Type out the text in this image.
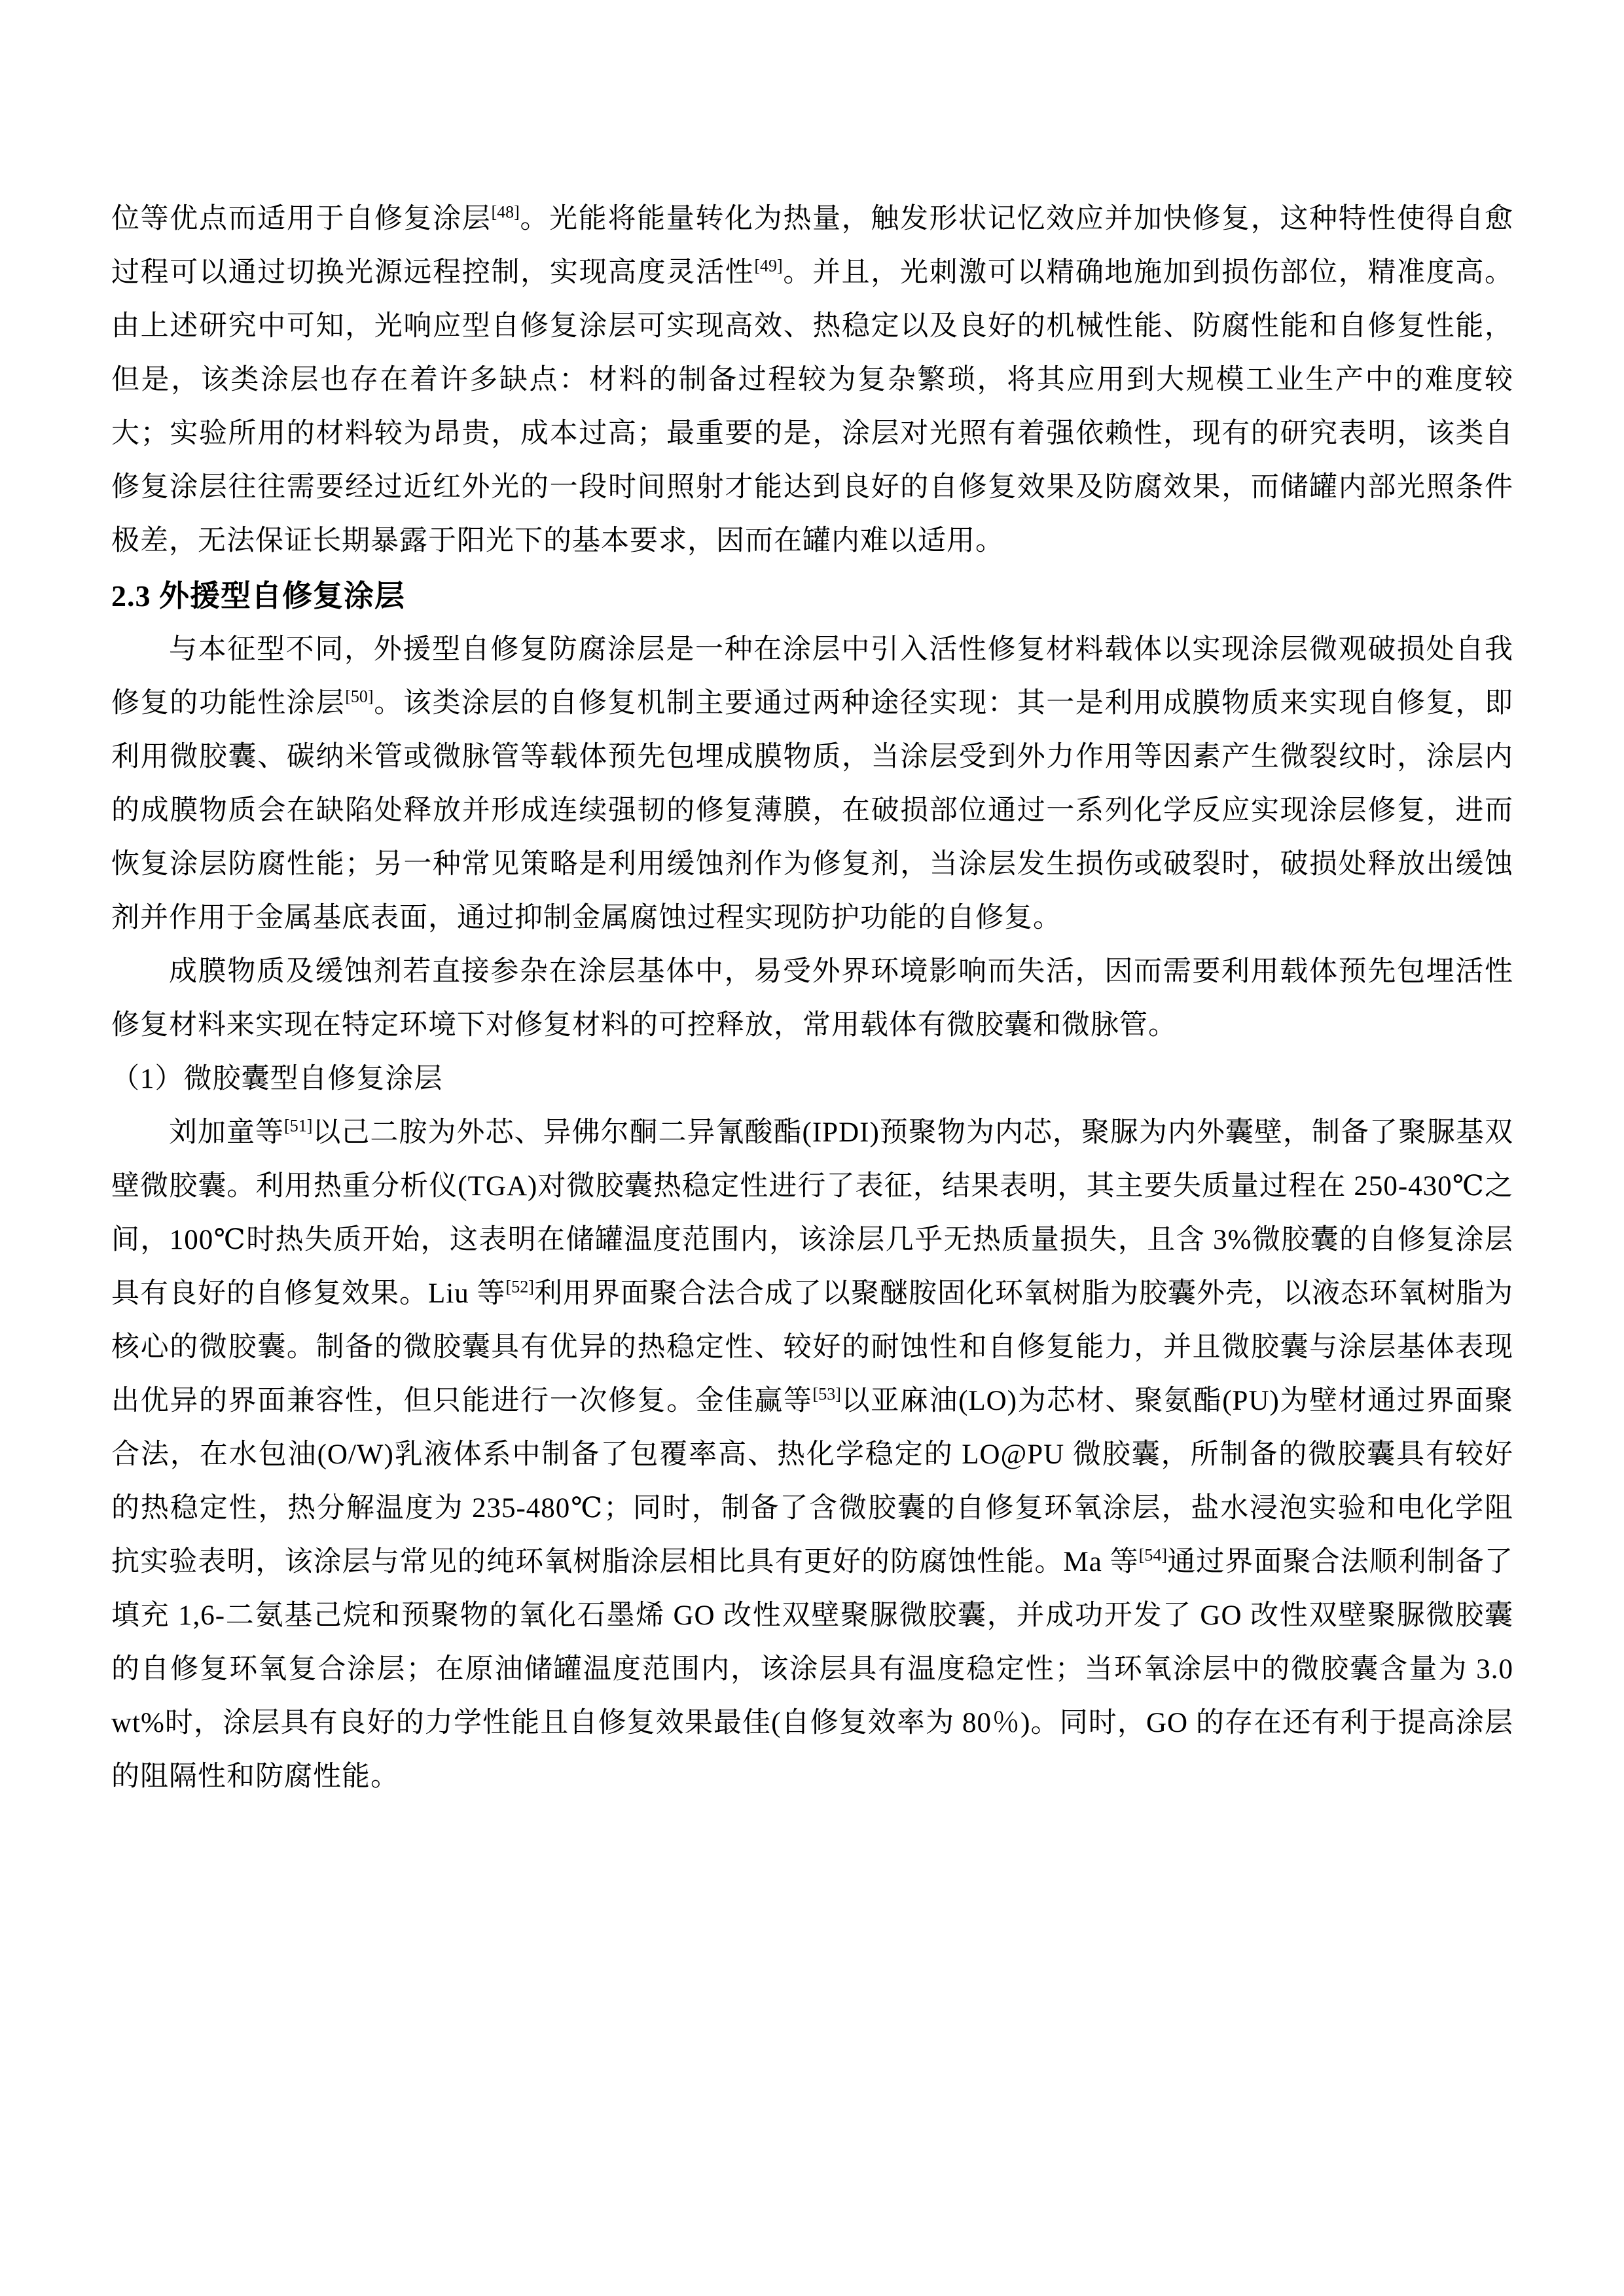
位等优点而适用于自修复涂层[48]。光能将能量转化为热量，触发形状记忆效应并加快修复，这种特性使得自愈过程可以通过切换光源远程控制，实现高度灵活性[49]。并且，光刺激可以精确地施加到损伤部位，精准度高。由上述研究中可知，光响应型自修复涂层可实现高效、热稳定以及良好的机械性能、防腐性能和自修复性能，但是，该类涂层也存在着许多缺点：材料的制备过程较为复杂繁琐，将其应用到大规模工业生产中的难度较大；实验所用的材料较为昂贵，成本过高；最重要的是，涂层对光照有着强依赖性，现有的研究表明，该类自修复涂层往往需要经过近红外光的一段时间照射才能达到良好的自修复效果及防腐效果，而储罐内部光照条件极差，无法保证长期暴露于阳光下的基本要求，因而在罐内难以适用。

2.3 外援型自修复涂层

与本征型不同，外援型自修复防腐涂层是一种在涂层中引入活性修复材料载体以实现涂层微观破损处自我修复的功能性涂层[50]。该类涂层的自修复机制主要通过两种途径实现：其一是利用成膜物质来实现自修复，即利用微胶囊、碳纳米管或微脉管等载体预先包埋成膜物质，当涂层受到外力作用等因素产生微裂纹时，涂层内的成膜物质会在缺陷处释放并形成连续强韧的修复薄膜，在破损部位通过一系列化学反应实现涂层修复，进而恢复涂层防腐性能；另一种常见策略是利用缓蚀剂作为修复剂，当涂层发生损伤或破裂时，破损处释放出缓蚀剂并作用于金属基底表面，通过抑制金属腐蚀过程实现防护功能的自修复。

成膜物质及缓蚀剂若直接参杂在涂层基体中，易受外界环境影响而失活，因而需要利用载体预先包埋活性修复材料来实现在特定环境下对修复材料的可控释放，常用载体有微胶囊和微脉管。

（1）微胶囊型自修复涂层

刘加童等[51]以己二胺为外芯、异佛尔酮二异氰酸酯(IPDI)预聚物为内芯，聚脲为内外囊壁，制备了聚脲基双壁微胶囊。利用热重分析仪(TGA)对微胶囊热稳定性进行了表征，结果表明，其主要失质量过程在 250-430℃之间，100℃时热失质开始，这表明在储罐温度范围内，该涂层几乎无热质量损失，且含 3%微胶囊的自修复涂层具有良好的自修复效果。Liu 等[52]利用界面聚合法合成了以聚醚胺固化环氧树脂为胶囊外壳，以液态环氧树脂为核心的微胶囊。制备的微胶囊具有优异的热稳定性、较好的耐蚀性和自修复能力，并且微胶囊与涂层基体表现出优异的界面兼容性，但只能进行一次修复。金佳赢等[53]以亚麻油(LO)为芯材、聚氨酯(PU)为壁材通过界面聚合法，在水包油(O/W)乳液体系中制备了包覆率高、热化学稳定的 LO@PU 微胶囊，所制备的微胶囊具有较好的热稳定性，热分解温度为 235-480℃；同时，制备了含微胶囊的自修复环氧涂层，盐水浸泡实验和电化学阻抗实验表明，该涂层与常见的纯环氧树脂涂层相比具有更好的防腐蚀性能。Ma 等[54]通过界面聚合法顺利制备了填充 1,6-二氨基己烷和预聚物的氧化石墨烯 GO 改性双壁聚脲微胶囊，并成功开发了 GO 改性双壁聚脲微胶囊的自修复环氧复合涂层；在原油储罐温度范围内，该涂层具有温度稳定性；当环氧涂层中的微胶囊含量为 3.0 wt%时，涂层具有良好的力学性能且自修复效果最佳(自修复效率为 80％)。同时，GO 的存在还有利于提高涂层的阻隔性和防腐性能。
